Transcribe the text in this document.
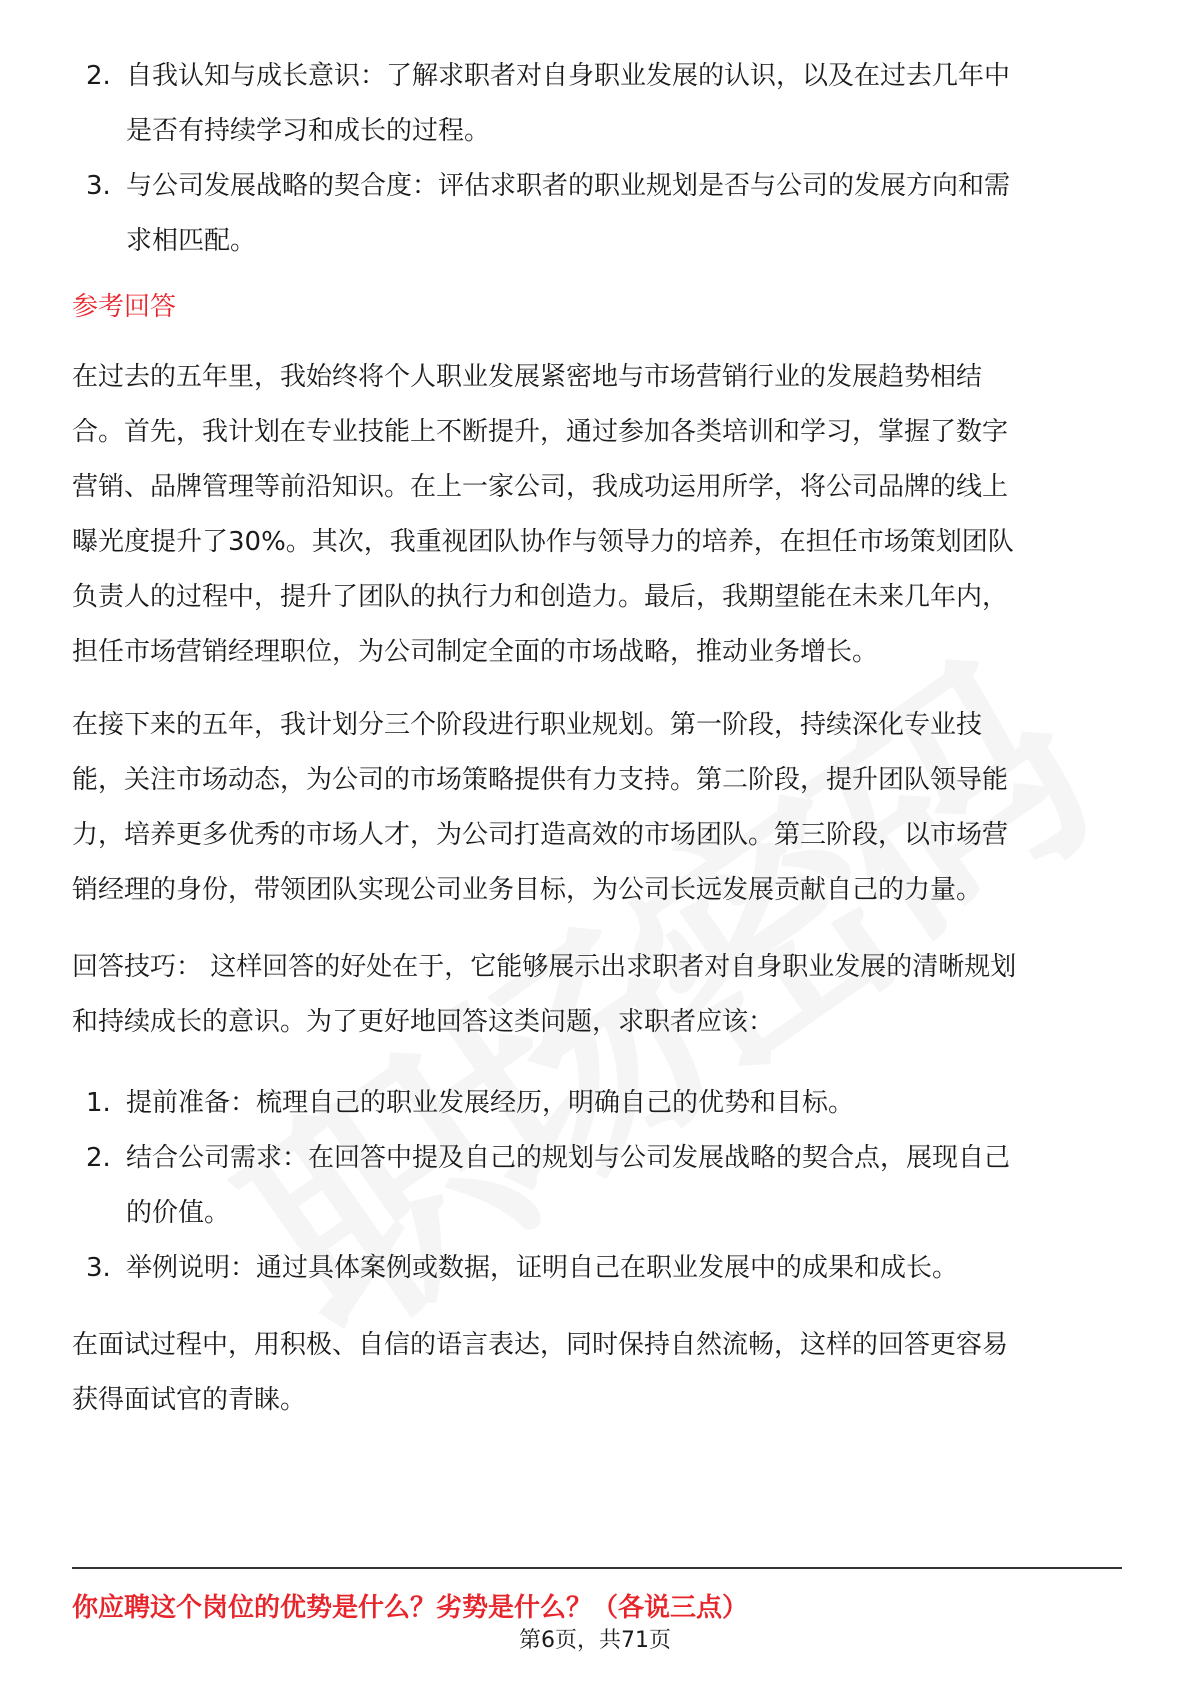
2. 自我认知与成长意识：了解求职者对自身职业发展的认识，以及在过去几年中
是否有持续学习和成长的过程。
3. 与公司发展战略的契合度：评估求职者的职业规划是否与公司的发展方向和需
求相匹配。
参考回答
在过去的五年里，我始终将个人职业发展紧密地与市场营销行业的发展趋势相结
合。首先，我计划在专业技能上不断提升，通过参加各类培训和学习，掌握了数字
营销、品牌管理等前沿知识。在上一家公司，我成功运用所学，将公司品牌的线上
曝光度提升了30%。其次，我重视团队协作与领导力的培养，在担任市场策划团队
负责人的过程中，提升了团队的执行力和创造力。最后，我期望能在未来几年内，
担任市场营销经理职位，为公司制定全面的市场战略，推动业务增长。
在接下来的五年，我计划分三个阶段进行职业规划。第一阶段，持续深化专业技
能，关注市场动态，为公司的市场策略提供有力支持。第二阶段，提升团队领导能
力，培养更多优秀的市场人才，为公司打造高效的市场团队。第三阶段，以市场营
销经理的身份，带领团队实现公司业务目标，为公司长远发展贡献自己的力量。
回答技巧： 这样回答的好处在于，它能够展示出求职者对自身职业发展的清晰规划
和持续成长的意识。为了更好地回答这类问题，求职者应该：
1. 提前准备：梳理自己的职业发展经历，明确自己的优势和目标。
2. 结合公司需求：在回答中提及自己的规划与公司发展战略的契合点，展现自己
的价值。
3. 举例说明：通过具体案例或数据，证明自己在职业发展中的成果和成长。
在面试过程中，用积极、自信的语言表达，同时保持自然流畅，这样的回答更容易
获得面试官的青睐。
你应聘这个岗位的优势是什么？劣势是什么？（各说三点）
第6页，共71页
